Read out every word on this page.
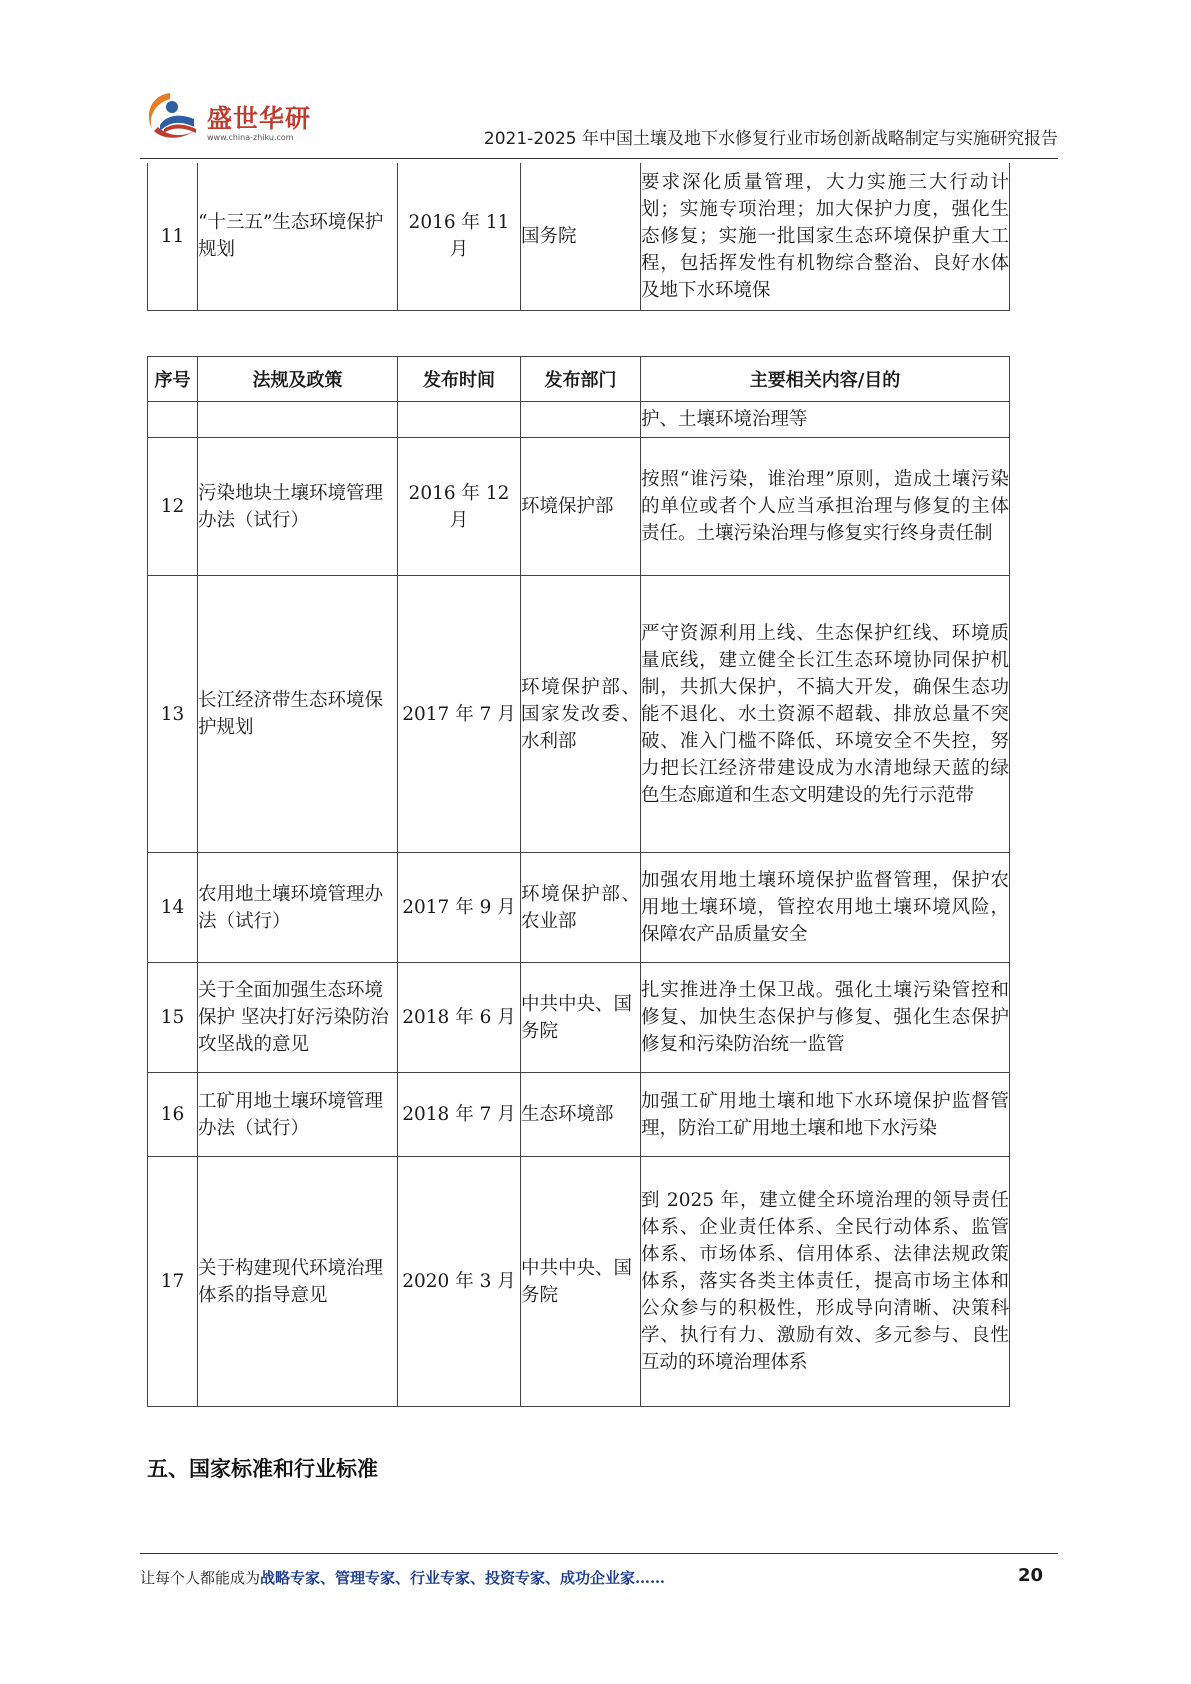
盛世华研
www.china-zhiku.com	2021-2025 年中国土壤及地下水修复行业市场创新战略制定与实施研究报告
11	“十三五”生态环境保护规划	2016 年 11 月	国务院	要求深化质量管理，大力实施三大行动计划；实施专项治理；加大保护力度，强化生态修复；实施一批国家生态环境保护重大工程，包括挥发性有机物综合整治、良好水体及地下水环境保
序号	法规及政策	发布时间	发布部门	主要相关内容/目的
				护、土壤环境治理等
12	污染地块土壤环境管理办法（试行）	2016 年 12 月	环境保护部	按照“谁污染，谁治理”原则，造成土壤污染的单位或者个人应当承担治理与修复的主体责任。土壤污染治理与修复实行终身责任制
13	长江经济带生态环境保护规划	2017 年 7 月	环境保护部、国家发改委、水利部	严守资源利用上线、生态保护红线、环境质量底线，建立健全长江生态环境协同保护机制，共抓大保护，不搞大开发，确保生态功能不退化、水土资源不超载、排放总量不突破、准入门槛不降低、环境安全不失控，努力把长江经济带建设成为水清地绿天蓝的绿色生态廊道和生态文明建设的先行示范带
14	农用地土壤环境管理办法（试行）	2017 年 9 月	环境保护部、农业部	加强农用地土壤环境保护监督管理，保护农用地土壤环境，管控农用地土壤环境风险，保障农产品质量安全
15	关于全面加强生态环境保护 坚决打好污染防治攻坚战的意见	2018 年 6 月	中共中央、国务院	扎实推进净土保卫战。强化土壤污染管控和修复、加快生态保护与修复、强化生态保护修复和污染防治统一监管
16	工矿用地土壤环境管理办法（试行）	2018 年 7 月	生态环境部	加强工矿用地土壤和地下水环境保护监督管理，防治工矿用地土壤和地下水污染
17	关于构建现代环境治理体系的指导意见	2020 年 3 月	中共中央、国务院	到 2025 年，建立健全环境治理的领导责任体系、企业责任体系、全民行动体系、监管体系、市场体系、信用体系、法律法规政策体系，落实各类主体责任，提高市场主体和公众参与的积极性，形成导向清晰、决策科学、执行有力、激励有效、多元参与、良性互动的环境治理体系
五、国家标准和行业标准
让每个人都能成为战略专家、管理专家、行业专家、投资专家、成功企业家……	20
